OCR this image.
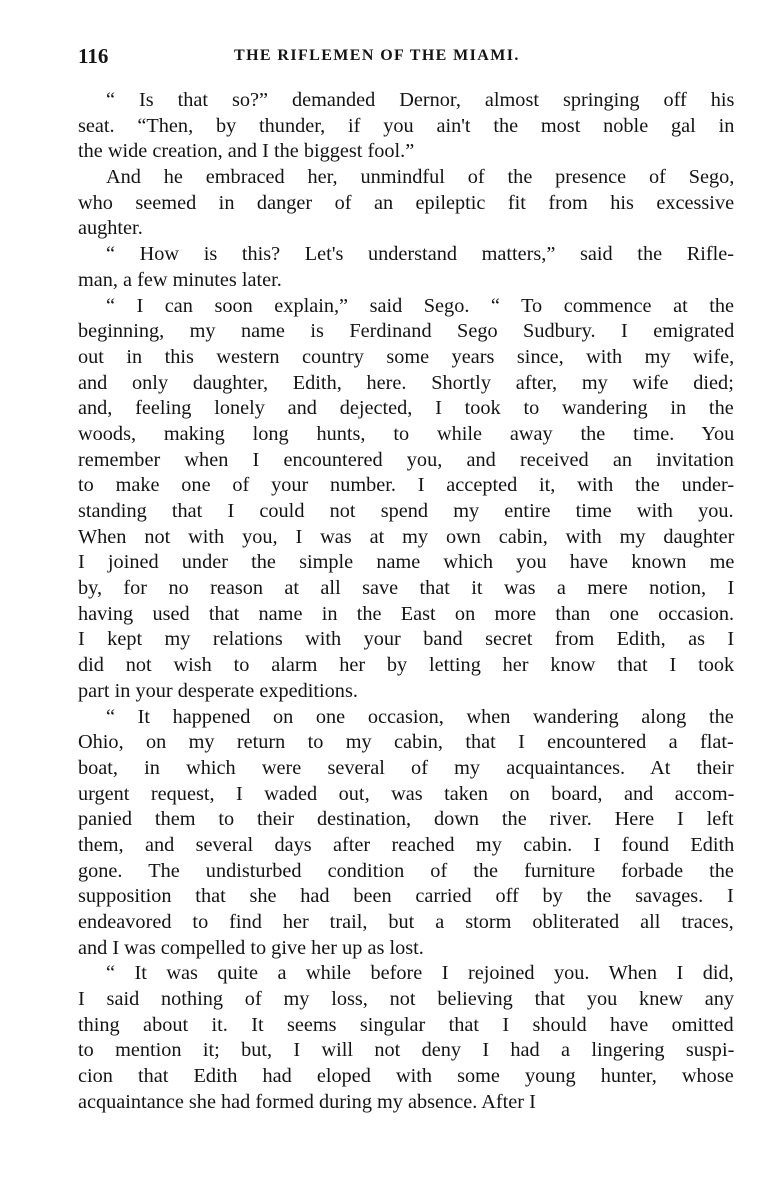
116	THE RIFLEMEN OF THE MIAMI.
“ Is that so?” demanded Dernor, almost springing off his
seat. “Then, by thunder, if you ain't the most noble gal in
the wide creation, and I the biggest fool.”
And he embraced her, unmindful of the presence of Sego,
who seemed in danger of an epileptic fit from his excessive
aughter.
“ How is this? Let's understand matters,” said the Rifle-
man, a few minutes later.
“ I can soon explain,” said Sego. “ To commence at the
beginning, my name is Ferdinand Sego Sudbury. I emigrated
out in this western country some years since, with my wife,
and only daughter, Edith, here. Shortly after, my wife died;
and, feeling lonely and dejected, I took to wandering in the
woods, making long hunts, to while away the time. You
remember when I encountered you, and received an invitation
to make one of your number. I accepted it, with the under-
standing that I could not spend my entire time with you.
When not with you, I was at my own cabin, with my daughter
I joined under the simple name which you have known me
by, for no reason at all save that it was a mere notion, I
having used that name in the East on more than one occasion.
I kept my relations with your band secret from Edith, as I
did not wish to alarm her by letting her know that I took
part in your desperate expeditions.
“ It happened on one occasion, when wandering along the
Ohio, on my return to my cabin, that I encountered a flat-
boat, in which were several of my acquaintances. At their
urgent request, I waded out, was taken on board, and accom-
panied them to their destination, down the river. Here I left
them, and several days after reached my cabin. I found Edith
gone. The undisturbed condition of the furniture forbade the
supposition that she had been carried off by the savages. I
endeavored to find her trail, but a storm obliterated all traces,
and I was compelled to give her up as lost.
“ It was quite a while before I rejoined you. When I did,
I said nothing of my loss, not believing that you knew any
thing about it. It seems singular that I should have omitted
to mention it; but, I will not deny I had a lingering suspi-
cion that Edith had eloped with some young hunter, whose
acquaintance she had formed during my absence. After I
